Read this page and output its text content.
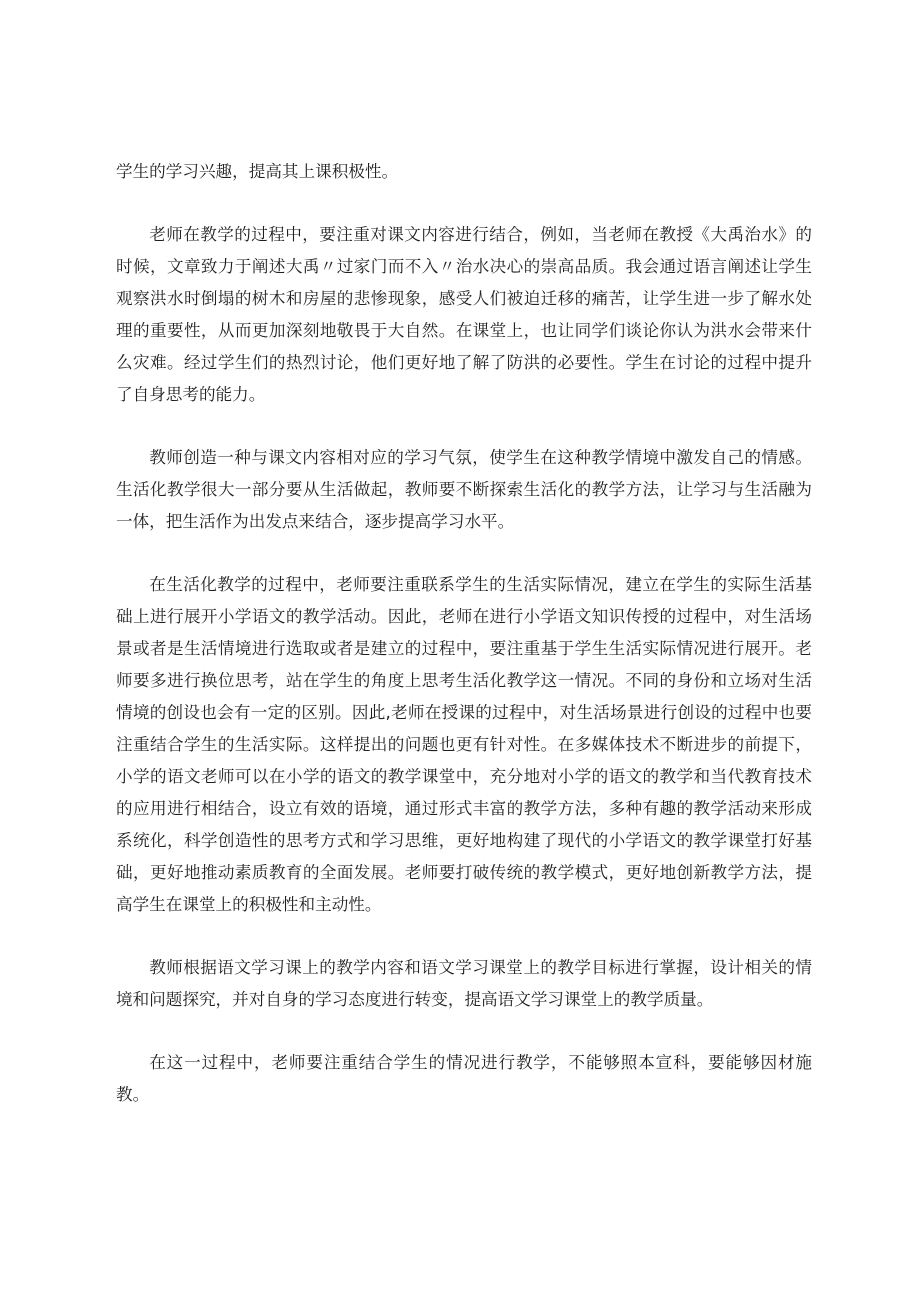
学生的学习兴趣，提高其上课积极性。

老师在教学的过程中，要注重对课文内容进行结合，例如，当老师在教授《大禹治水》的时候，文章致力于阐述大禹〃过家门而不入〃治水决心的崇高品质。我会通过语言阐述让学生观察洪水时倒塌的树木和房屋的悲惨现象，感受人们被迫迁移的痛苦，让学生进一步了解水处理的重要性，从而更加深刻地敬畏于大自然。在课堂上，也让同学们谈论你认为洪水会带来什么灾难。经过学生们的热烈讨论，他们更好地了解了防洪的必要性。学生在讨论的过程中提升了自身思考的能力。

教师创造一种与课文内容相对应的学习气氛，使学生在这种教学情境中激发自己的情感。生活化教学很大一部分要从生活做起，教师要不断探索生活化的教学方法，让学习与生活融为一体，把生活作为出发点来结合，逐步提高学习水平。

在生活化教学的过程中，老师要注重联系学生的生活实际情况，建立在学生的实际生活基础上进行展开小学语文的教学活动。因此，老师在进行小学语文知识传授的过程中，对生活场景或者是生活情境进行选取或者是建立的过程中，要注重基于学生生活实际情况进行展开。老师要多进行换位思考，站在学生的角度上思考生活化教学这一情况。不同的身份和立场对生活情境的创设也会有一定的区别。因此,老师在授课的过程中，对生活场景进行创设的过程中也要注重结合学生的生活实际。这样提出的问题也更有针对性。在多媒体技术不断进步的前提下，小学的语文老师可以在小学的语文的教学课堂中，充分地对小学的语文的教学和当代教育技术的应用进行相结合，设立有效的语境，通过形式丰富的教学方法，多种有趣的教学活动来形成系统化，科学创造性的思考方式和学习思维，更好地构建了现代的小学语文的教学课堂打好基础，更好地推动素质教育的全面发展。老师要打破传统的教学模式，更好地创新教学方法，提高学生在课堂上的积极性和主动性。

教师根据语文学习课上的教学内容和语文学习课堂上的教学目标进行掌握，设计相关的情境和问题探究，并对自身的学习态度进行转变，提高语文学习课堂上的教学质量。

在这一过程中，老师要注重结合学生的情况进行教学，不能够照本宣科，要能够因材施教。
